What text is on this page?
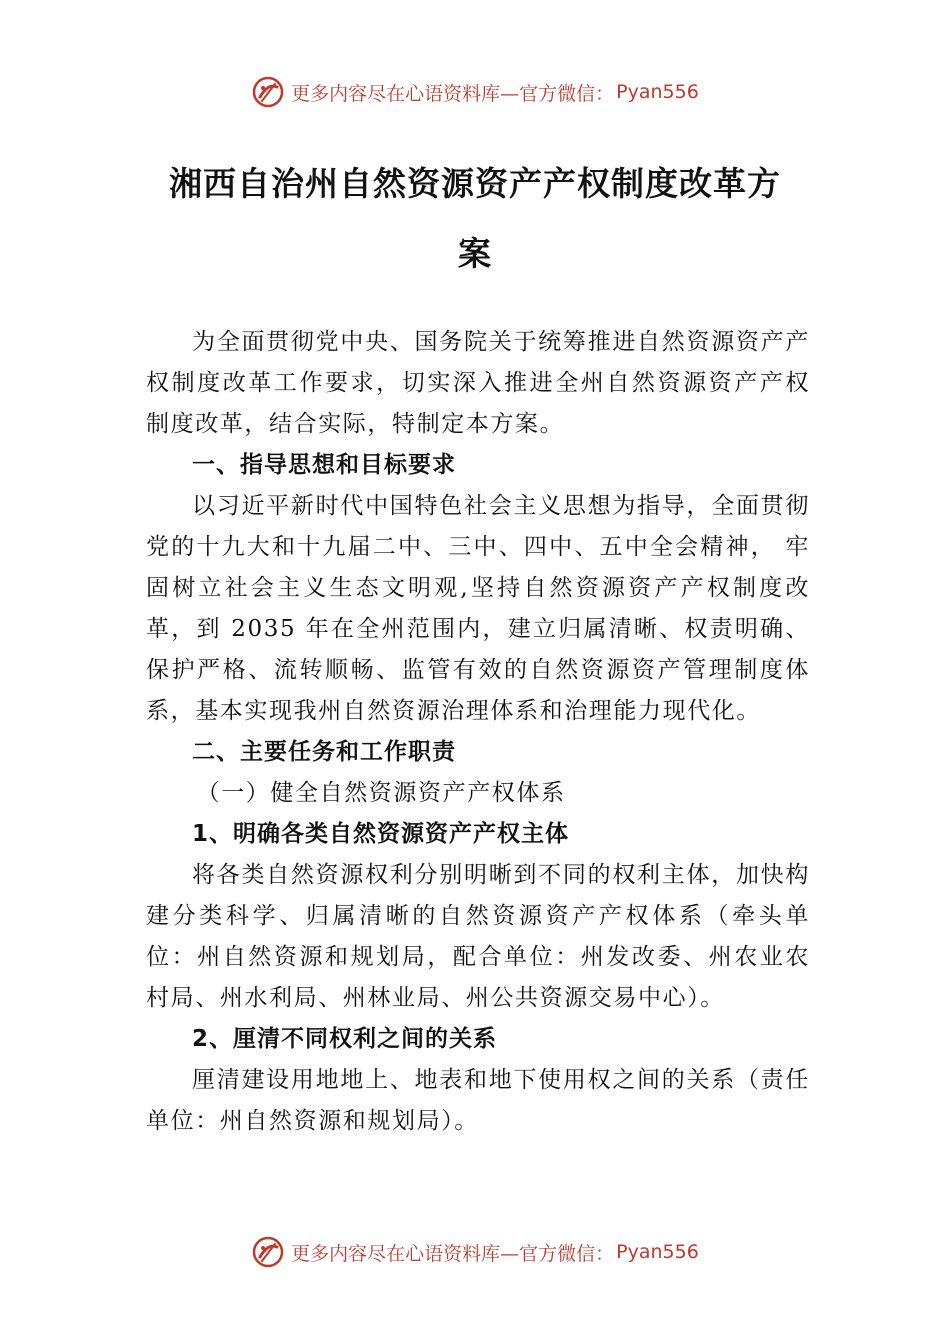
更多内容尽在心语资料库—官方微信： Pyan556
湘西自治州自然资源资产产权制度改革方
案

为全面贯彻党中央、国务院关于统筹推进自然资源资产产权制度改革工作要求，切实深入推进全州自然资源资产产权制度改革，结合实际，特制定本方案。

一、指导思想和目标要求

以习近平新时代中国特色社会主义思想为指导，全面贯彻党的十九大和十九届二中、三中、四中、五中全会精神， 牢固树立社会主义生态文明观,坚持自然资源资产产权制度改革，到 2035 年在全州范围内，建立归属清晰、权责明确、保护严格、流转顺畅、监管有效的自然资源资产管理制度体系，基本实现我州自然资源治理体系和治理能力现代化。

二、主要任务和工作职责

（一）健全自然资源资产产权体系

1、明确各类自然资源资产产权主体

将各类自然资源权利分别明晰到不同的权利主体，加快构建分类科学、归属清晰的自然资源资产产权体系（牵头单位：州自然资源和规划局，配合单位：州发改委、州农业农村局、州水利局、州林业局、州公共资源交易中心）。

2、厘清不同权利之间的关系

厘清建设用地地上、地表和地下使用权之间的关系（责任单位：州自然资源和规划局）。

更多内容尽在心语资料库—官方微信： Pyan556
